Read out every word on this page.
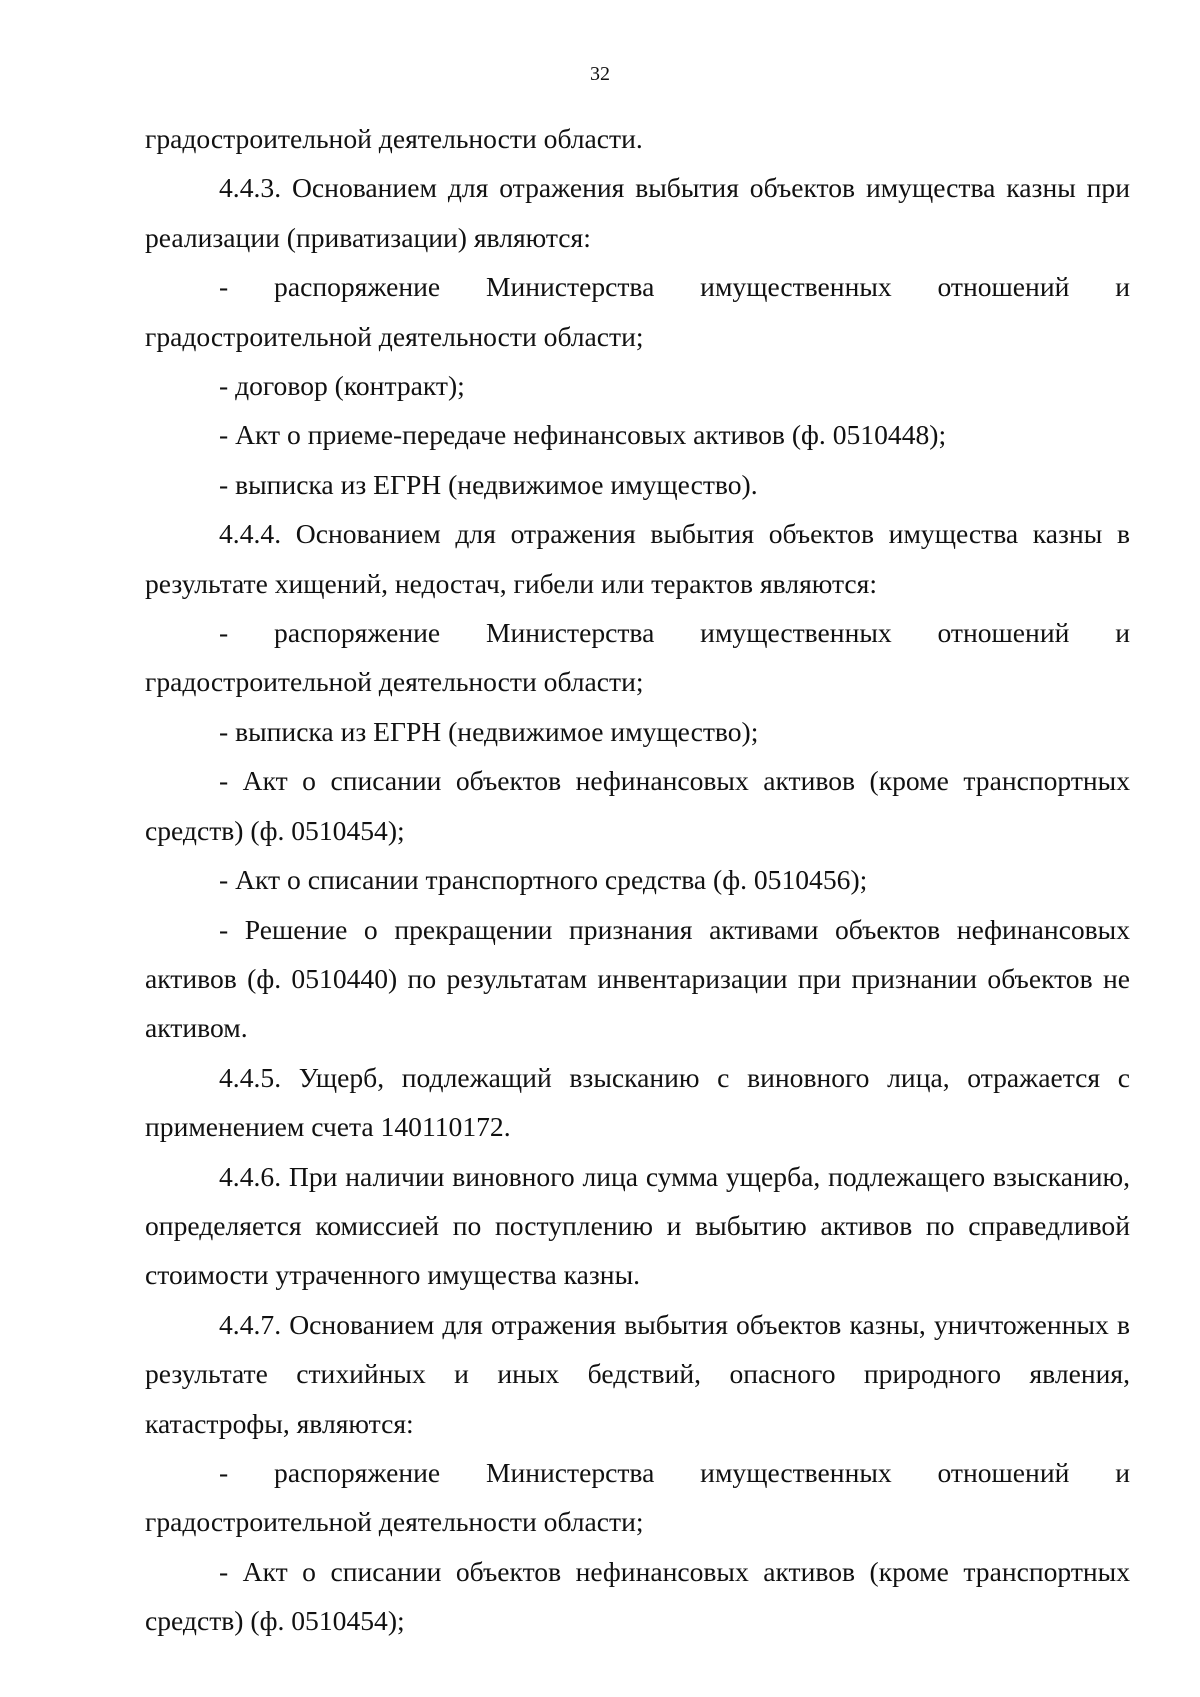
32

градостроительной деятельности области.

4.4.3. Основанием для отражения выбытия объектов имущества казны при реализации (приватизации) являются:

- распоряжение Министерства имущественных отношений и

градостроительной деятельности области;

- договор (контракт);

- Акт о приеме-передаче нефинансовых активов (ф. 0510448);

- выписка из ЕГРН (недвижимое имущество).

4.4.4. Основанием для отражения выбытия объектов имущества казны в результате хищений, недостач, гибели или терактов являются:

- распоряжение Министерства имущественных отношений и

градостроительной деятельности области;

- выписка из ЕГРН (недвижимое имущество);

- Акт о списании объектов нефинансовых активов (кроме транспортных средств) (ф. 0510454);

- Акт о списании транспортного средства (ф. 0510456);

- Решение о прекращении признания активами объектов нефинансовых активов (ф. 0510440) по результатам инвентаризации при признании объектов не активом.

4.4.5. Ущерб, подлежащий взысканию с виновного лица, отражается с применением счета 140110172.

4.4.6. При наличии виновного лица сумма ущерба, подлежащего взысканию, определяется комиссией по поступлению и выбытию активов по справедливой стоимости утраченного имущества казны.

4.4.7. Основанием для отражения выбытия объектов казны, уничтоженных в результате стихийных и иных бедствий, опасного природного явления, катастрофы, являются:

- распоряжение Министерства имущественных отношений и

градостроительной деятельности области;

- Акт о списании объектов нефинансовых активов (кроме транспортных средств) (ф. 0510454);
